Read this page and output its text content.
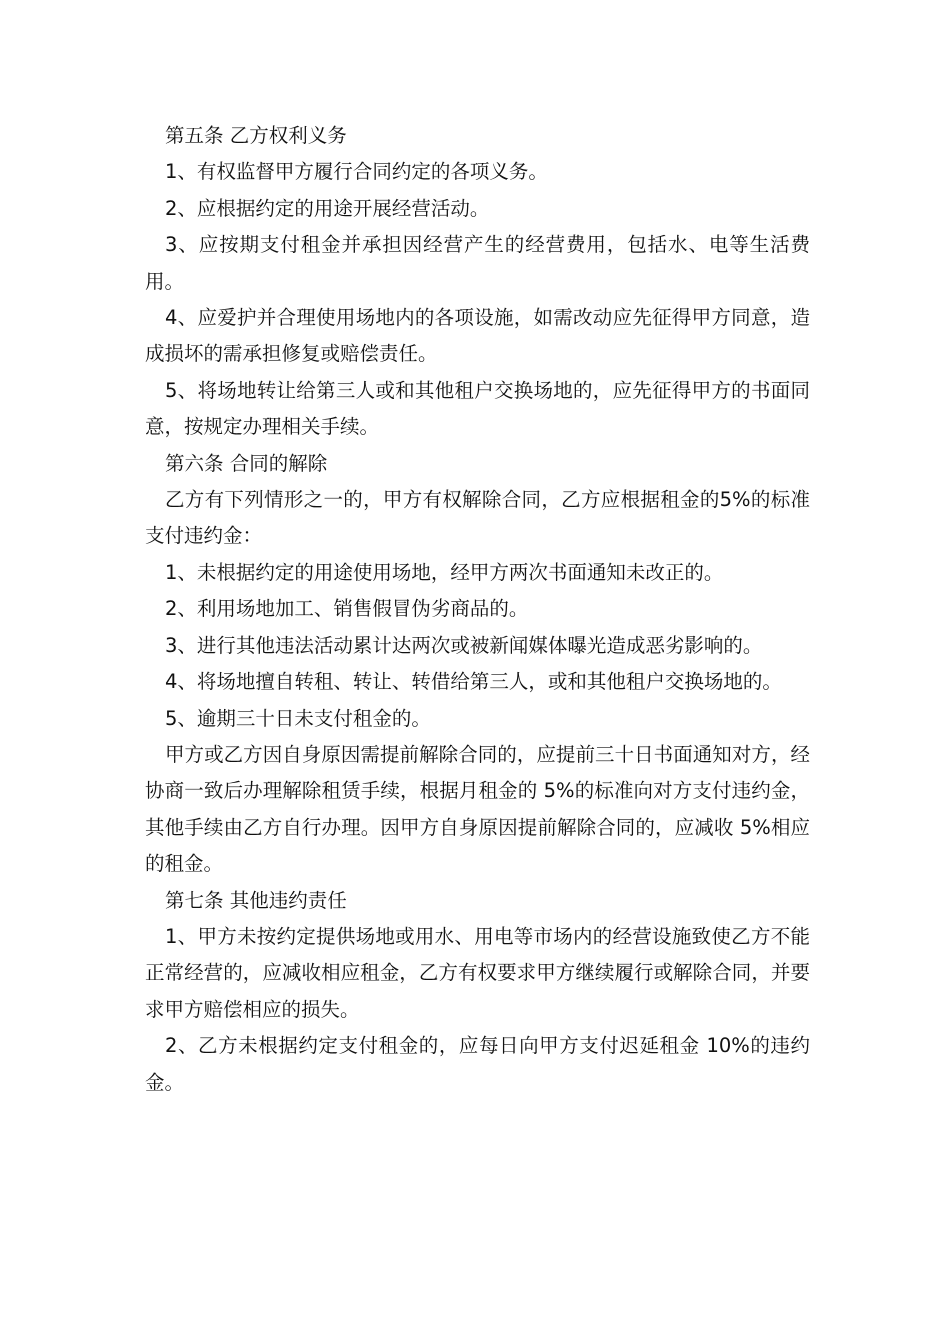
第五条 乙方权利义务

1、有权监督甲方履行合同约定的各项义务。

2、应根据约定的用途开展经营活动。

3、应按期支付租金并承担因经营产生的经营费用，包括水、电等生活费用。

4、应爱护并合理使用场地内的各项设施，如需改动应先征得甲方同意，造成损坏的需承担修复或赔偿责任。

5、将场地转让给第三人或和其他租户交换场地的，应先征得甲方的书面同意，按规定办理相关手续。

第六条 合同的解除

乙方有下列情形之一的，甲方有权解除合同，乙方应根据租金的5%的标准支付违约金：

1、未根据约定的用途使用场地，经甲方两次书面通知未改正的。

2、利用场地加工、销售假冒伪劣商品的。

3、进行其他违法活动累计达两次或被新闻媒体曝光造成恶劣影响的。

4、将场地擅自转租、转让、转借给第三人，或和其他租户交换场地的。

5、逾期三十日未支付租金的。

甲方或乙方因自身原因需提前解除合同的，应提前三十日书面通知对方，经协商一致后办理解除租赁手续，根据月租金的 5%的标准向对方支付违约金，其他手续由乙方自行办理。因甲方自身原因提前解除合同的，应减收 5%相应的租金。

第七条 其他违约责任

1、甲方未按约定提供场地或用水、用电等市场内的经营设施致使乙方不能正常经营的，应减收相应租金，乙方有权要求甲方继续履行或解除合同，并要求甲方赔偿相应的损失。

2、乙方未根据约定支付租金的，应每日向甲方支付迟延租金 10%的违约金。
